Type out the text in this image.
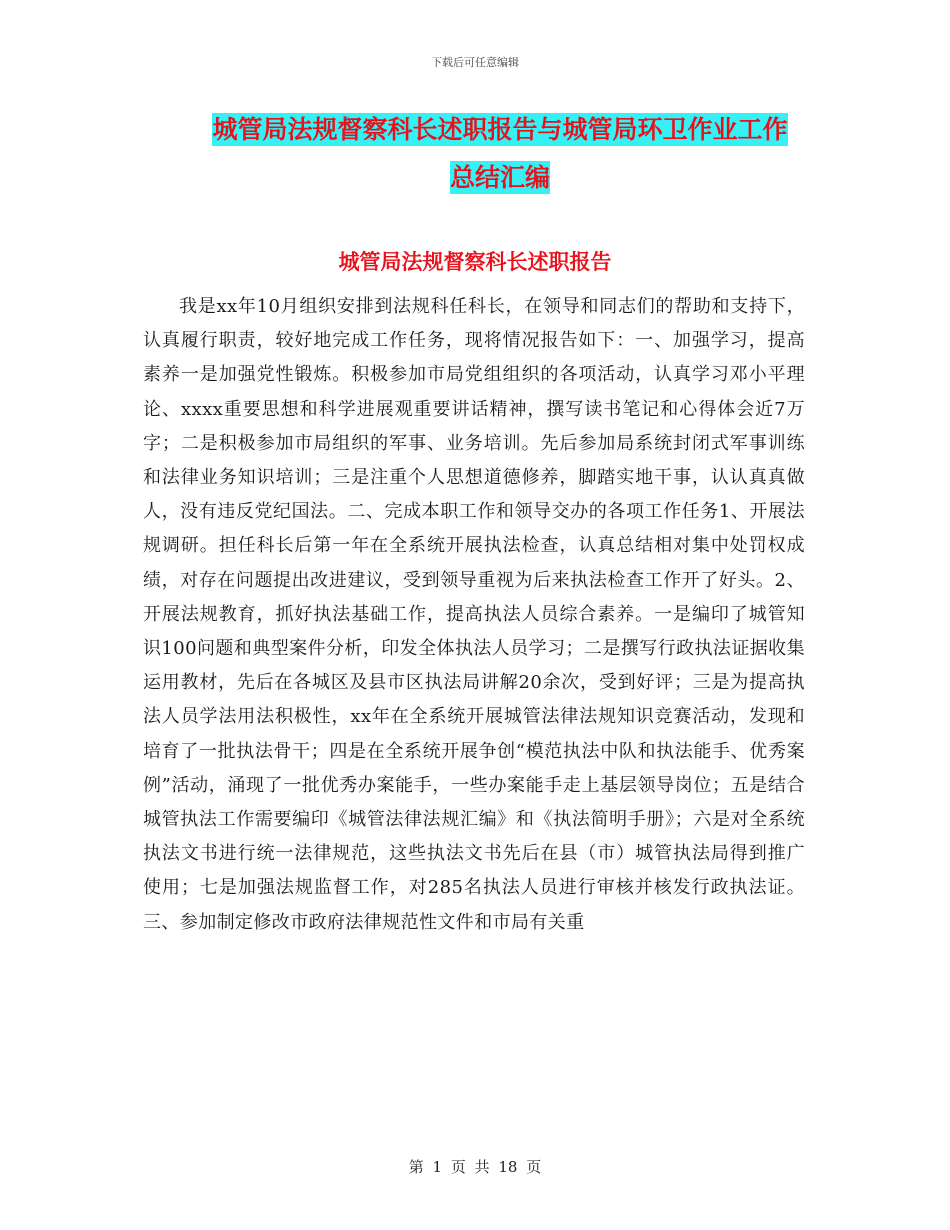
下载后可任意编辑
城管局法规督察科长述职报告与城管局环卫作业工作
总结汇编
城管局法规督察科长述职报告

我是xx年10月组织安排到法规科任科长，在领导和同志们的帮助和支持下，认真履行职责，较好地完成工作任务，现将情况报告如下：一、加强学习，提高素养一是加强党性锻炼。积极参加市局党组组织的各项活动，认真学习邓小平理论、xxxx重要思想和科学进展观重要讲话精神，撰写读书笔记和心得体会近7万字；二是积极参加市局组织的军事、业务培训。先后参加局系统封闭式军事训练和法律业务知识培训；三是注重个人思想道德修养，脚踏实地干事，认认真真做人，没有违反党纪国法。二、完成本职工作和领导交办的各项工作任务1、开展法规调研。担任科长后第一年在全系统开展执法检查，认真总结相对集中处罚权成绩，对存在问题提出改进建议，受到领导重视为后来执法检查工作开了好头。2、开展法规教育，抓好执法基础工作，提高执法人员综合素养。一是编印了城管知识100问题和典型案件分析，印发全体执法人员学习；二是撰写行政执法证据收集运用教材，先后在各城区及县市区执法局讲解20余次，受到好评；三是为提高执法人员学法用法积极性，xx年在全系统开展城管法律法规知识竞赛活动，发现和培育了一批执法骨干；四是在全系统开展争创“模范执法中队和执法能手、优秀案例”活动，涌现了一批优秀办案能手，一些办案能手走上基层领导岗位；五是结合城管执法工作需要编印《城管法律法规汇编》和《执法简明手册》；六是对全系统执法文书进行统一法律规范，这些执法文书先后在县（市）城管执法局得到推广使用；七是加强法规监督工作，对285名执法人员进行审核并核发行政执法证。三、参加制定修改市政府法律规范性文件和市局有关重

第 1 页 共 18 页
